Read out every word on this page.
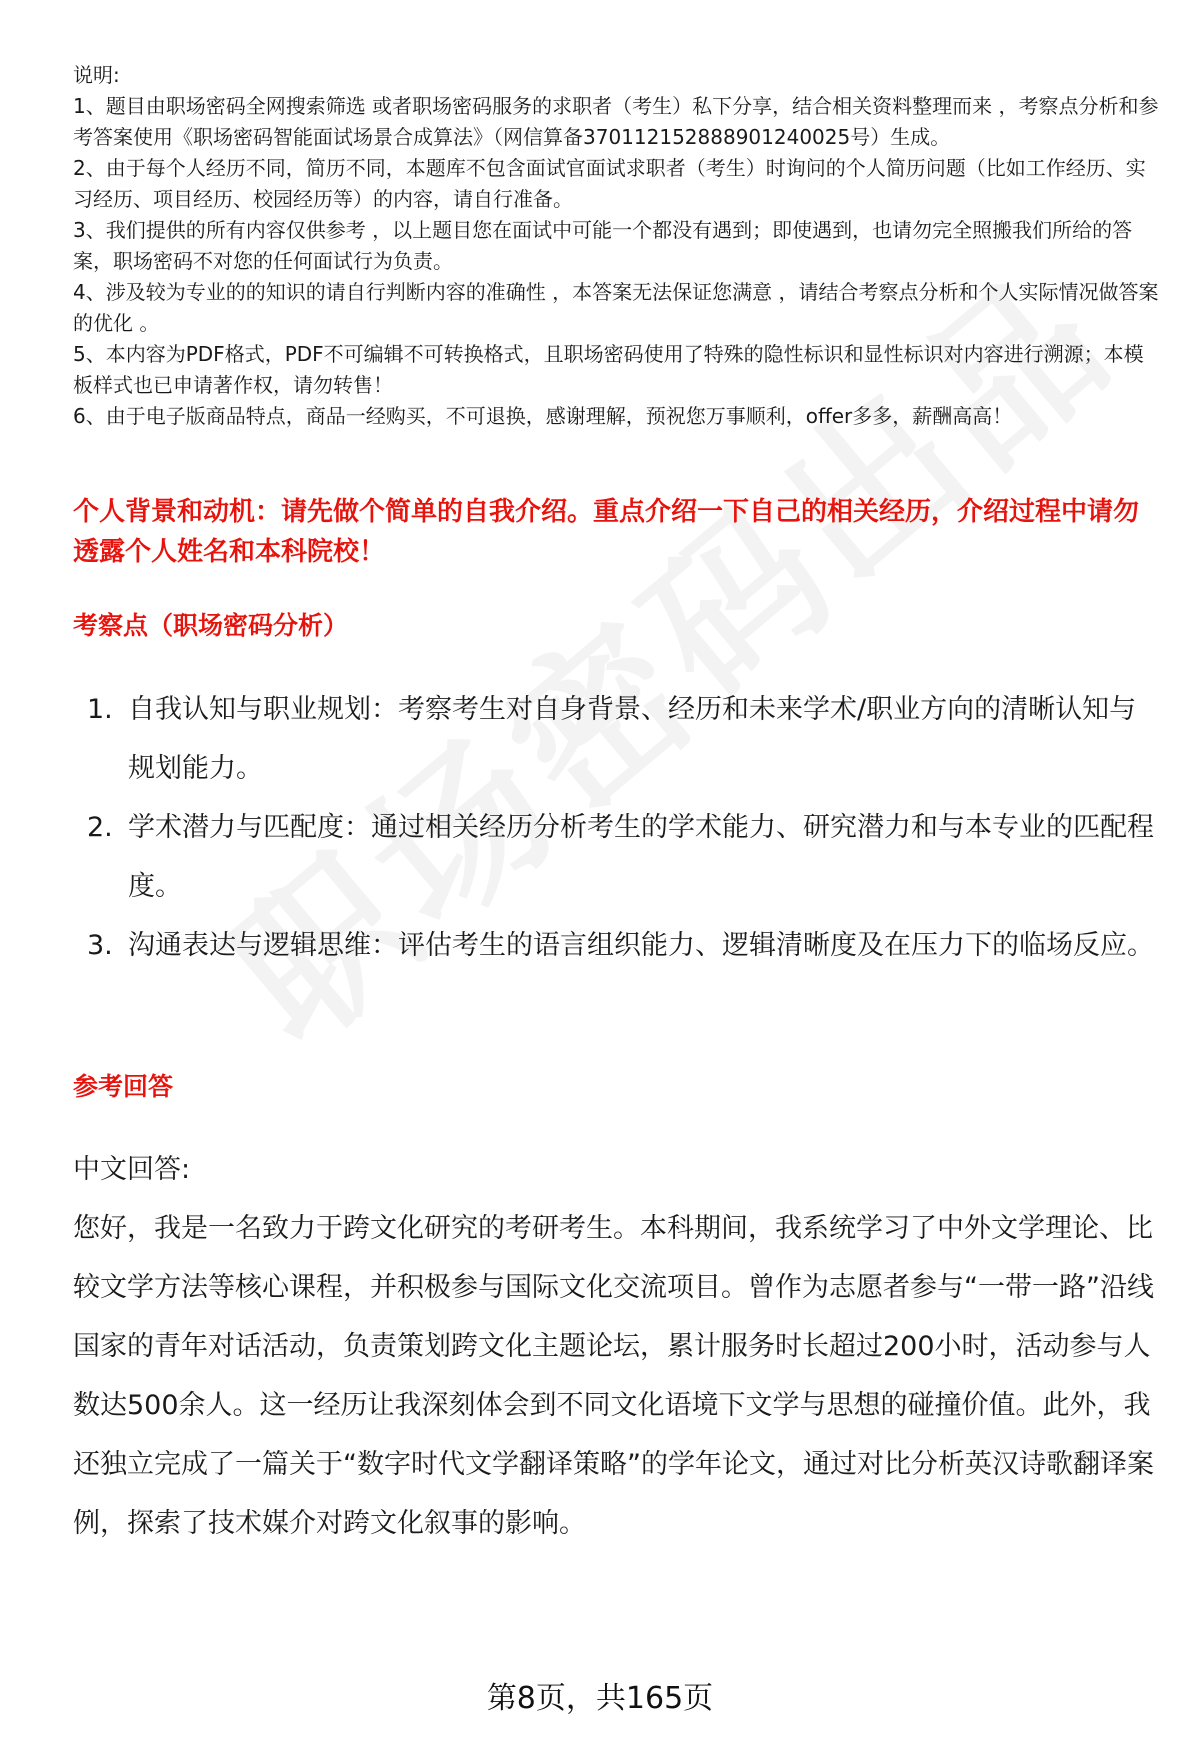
说明:

1、题目由职场密码全网搜索筛选 或者职场密码服务的求职者（考生）私下分享，结合相关资料整理而来 ，考察点分析和参考答案使用《职场密码智能面试场景合成算法》（网信算备370112152888901240025号）生成。

2、由于每个人经历不同，简历不同，本题库不包含面试官面试求职者（考生）时询问的个人简历问题（比如工作经历、实习经历、项目经历、校园经历等）的内容，请自行准备。

3、我们提供的所有内容仅供参考 ，以上题目您在面试中可能一个都没有遇到；即使遇到，也请勿完全照搬我们所给的答案，职场密码不对您的任何面试行为负责。

4、涉及较为专业的的知识的请自行判断内容的准确性 ，本答案无法保证您满意 ，请结合考察点分析和个人实际情况做答案的优化 。

5、本内容为PDF格式，PDF不可编辑不可转换格式，且职场密码使用了特殊的隐性标识和显性标识对内容进行溯源；本模板样式也已申请著作权，请勿转售！

6、由于电子版商品特点，商品一经购买，不可退换，感谢理解，预祝您万事顺利，offer多多，薪酬高高！

个人背景和动机：请先做个简单的自我介绍。重点介绍一下自己的相关经历，介绍过程中请勿透露个人姓名和本科院校！
考察点（职场密码分析）
1. 自我认知与职业规划：考察考生对自身背景、经历和未来学术/职业方向的清晰认知与规划能力。
2. 学术潜力与匹配度：通过相关经历分析考生的学术能力、研究潜力和与本专业的匹配程度。
3. 沟通表达与逻辑思维：评估考生的语言组织能力、逻辑清晰度及在压力下的临场反应。
参考回答

中文回答:

您好，我是一名致力于跨文化研究的考研考生。本科期间，我系统学习了中外文学理论、比较文学方法等核心课程，并积极参与国际文化交流项目。曾作为志愿者参与“一带一路”沿线国家的青年对话活动，负责策划跨文化主题论坛，累计服务时长超过200小时，活动参与人数达500余人。这一经历让我深刻体会到不同文化语境下文学与思想的碰撞价值。此外，我还独立完成了一篇关于“数字时代文学翻译策略”的学年论文，通过对比分析英汉诗歌翻译案例，探索了技术媒介对跨文化叙事的影响。

第8页，共165页
